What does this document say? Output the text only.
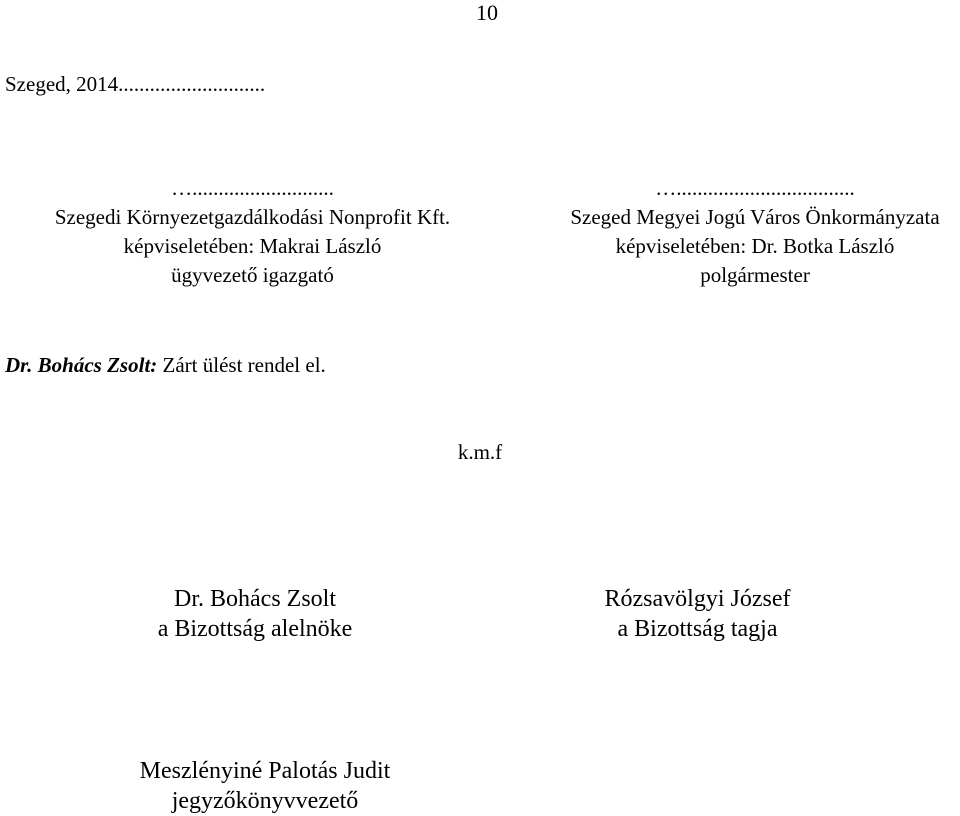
10
Szeged, 2014............................
…...........................
Szegedi Környezetgazdálkodási Nonprofit Kft.
képviseletében: Makrai László
ügyvezető igazgató
…..................................
Szeged Megyei Jogú Város Önkormányzata
képviseletében: Dr. Botka László
polgármester
Dr. Bohács Zsolt: Zárt ülést rendel el.
k.m.f
Dr. Bohács Zsolt
a Bizottság alelnöke
Rózsavölgyi József
a Bizottság tagja
Meszlényiné Palotás Judit
jegyzőkönyvvezető
